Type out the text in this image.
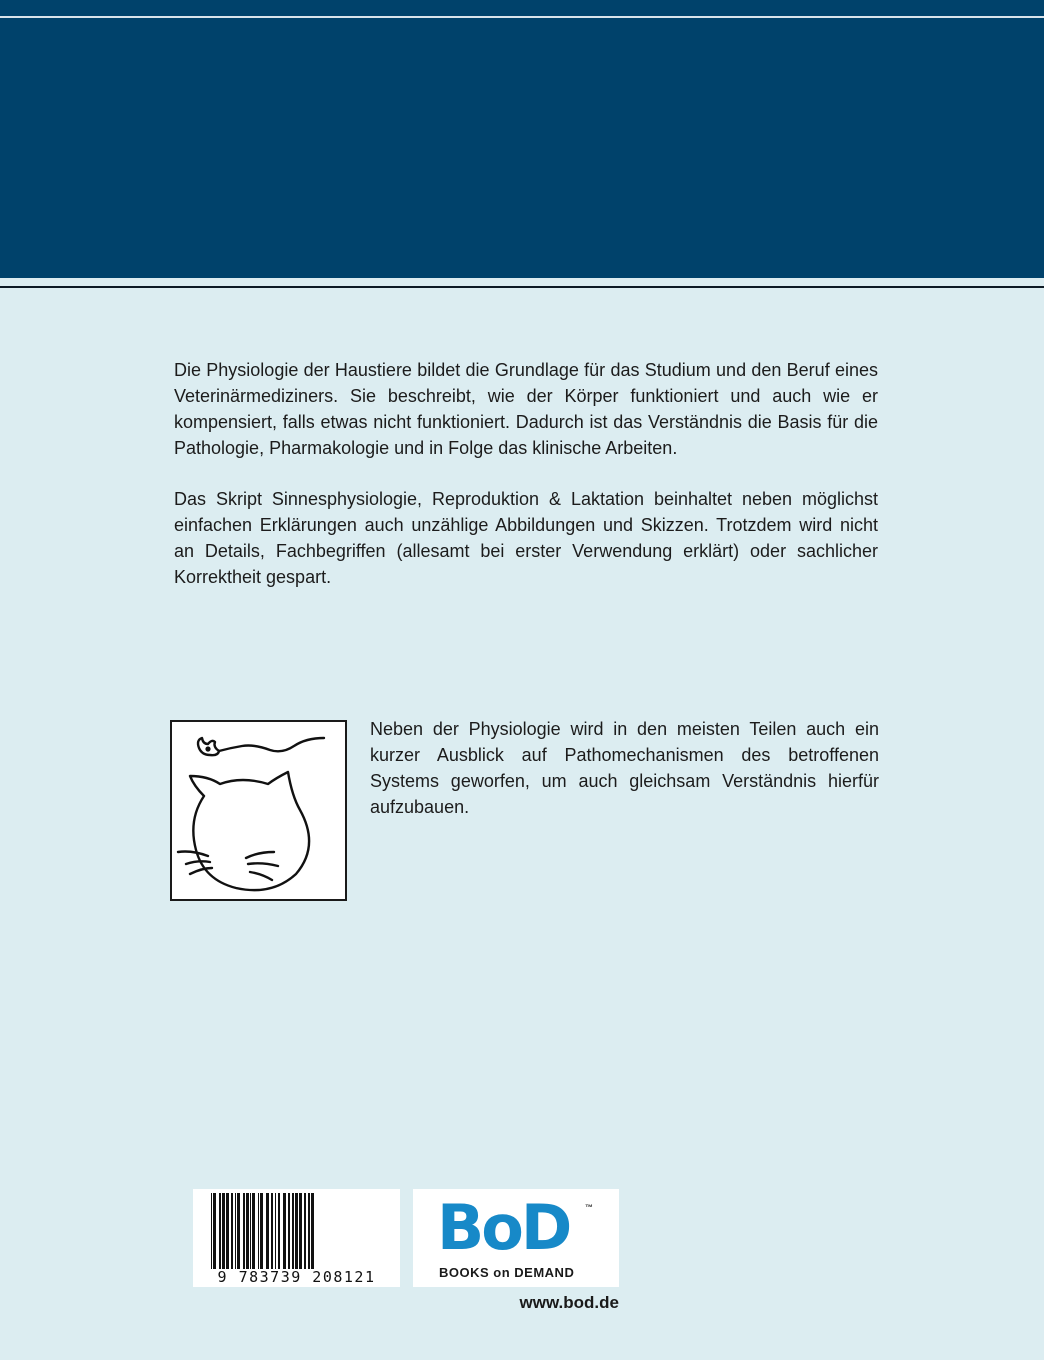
Die Physiologie der Haustiere bildet die Grundlage für das Studium und den Beruf eines Veterinärmediziners. Sie beschreibt, wie der Körper funktioniert und auch wie er kompensiert, falls etwas nicht funktioniert. Dadurch ist das Verständnis die Basis für die Pathologie, Pharmakologie und in Folge das klinische Arbeiten.

Das Skript Sinnesphysiologie, Reproduktion & Laktation beinhaltet neben möglichst einfachen Erklärungen auch unzählige Abbildungen und Skizzen. Trotzdem wird nicht an Details, Fachbegriffen (allesamt bei erster Verwendung erklärt) oder sachlicher Korrektheit gespart.

Neben der Physiologie wird in den meisten Teilen auch ein kurzer Ausblick auf Pathomechanismen des betroffenen Systems geworfen, um auch gleichsam Verständnis hierfür aufzubauen.

9 783739 208121
BoD ™
BOOKS on DEMAND
www.bod.de
